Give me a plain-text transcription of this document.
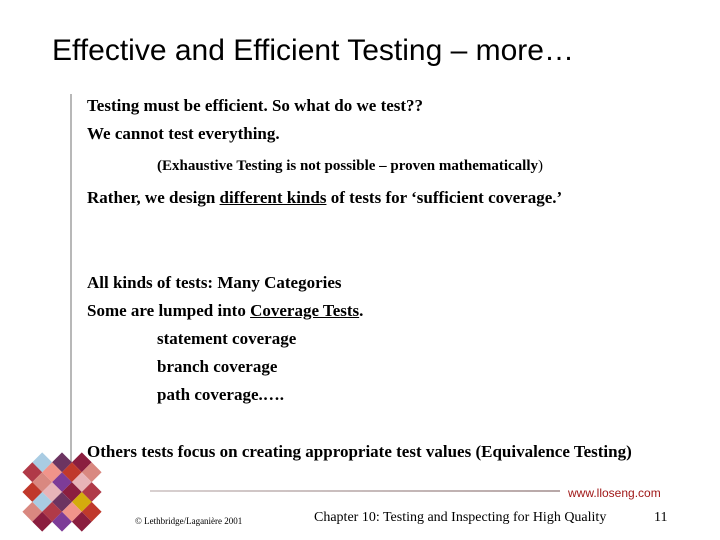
Effective and Efficient Testing – more…
Testing must be efficient. So what do we test??
We cannot test everything.
(Exhaustive Testing is not possible – proven mathematically)
Rather, we design different kinds of tests for ‘sufficient coverage.’
All kinds of tests: Many Categories
Some are lumped into Coverage Tests.
statement coverage
branch coverage
path coverage.….
Others tests focus on creating appropriate test values (Equivalence Testing)
www.lloseng.com
© Lethbridge/Laganière 2001	Chapter 10: Testing and Inspecting for High Quality	11
